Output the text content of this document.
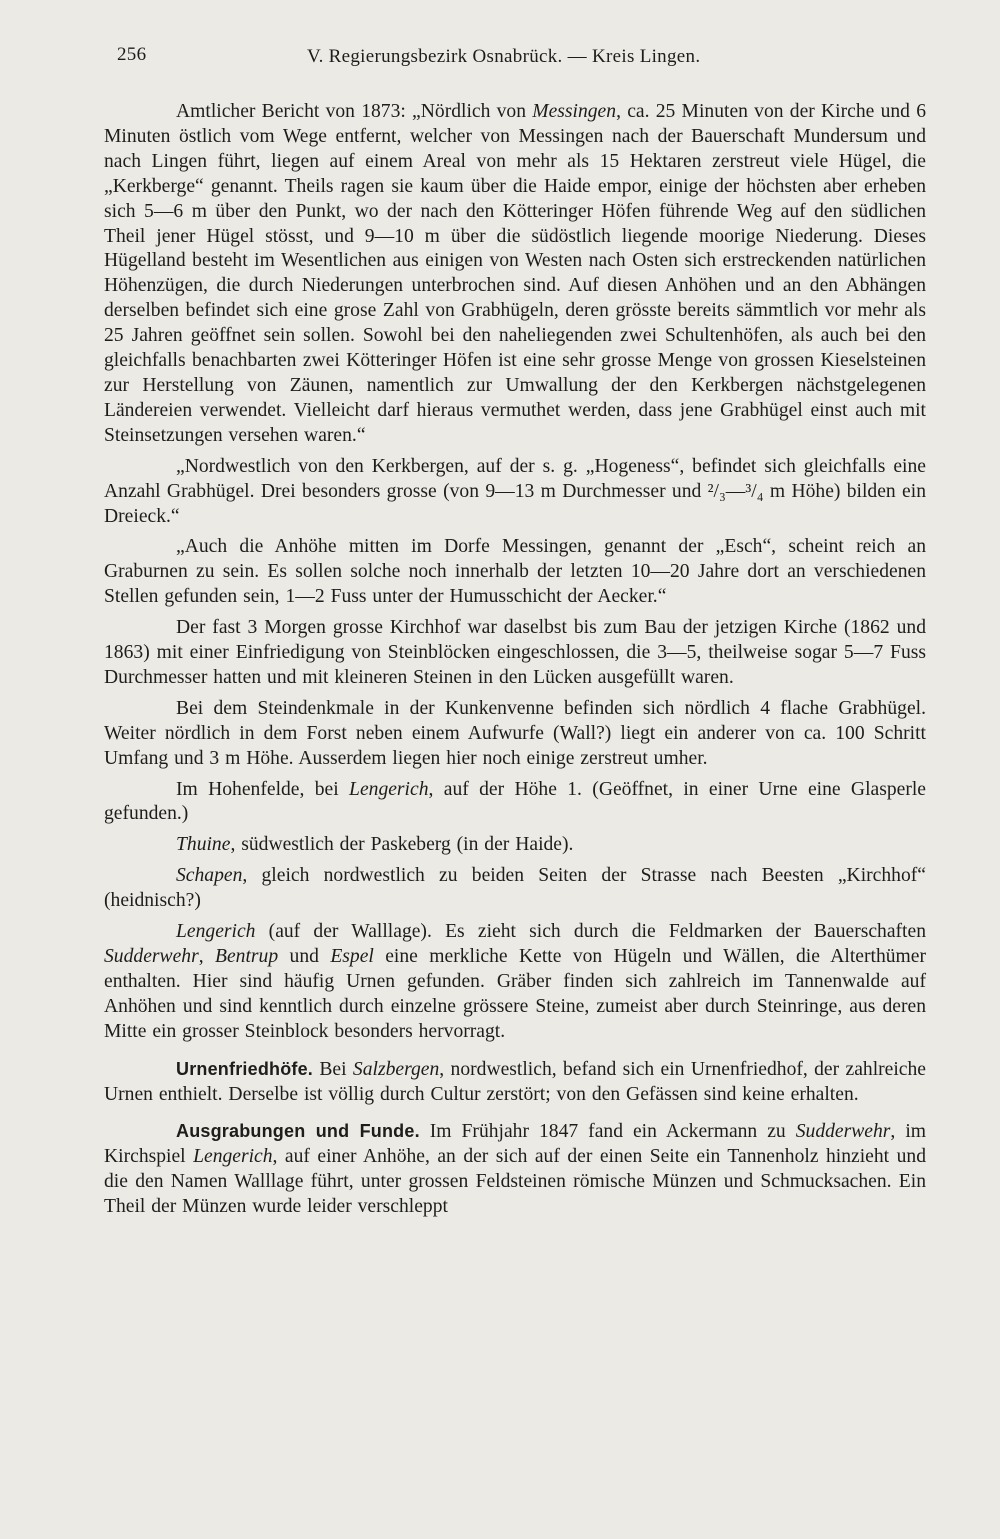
256	V. Regierungsbezirk Osnabrück. — Kreis Lingen.

Amtlicher Bericht von 1873: „Nördlich von Messingen, ca. 25 Minuten von der Kirche und 6 Minuten östlich vom Wege entfernt, welcher von Messingen nach der Bauerschaft Mundersum und nach Lingen führt, liegen auf einem Areal von mehr als 15 Hektaren zerstreut viele Hügel, die „Kerkberge“ genannt. Theils ragen sie kaum über die Haide empor, einige der höchsten aber erheben sich 5—6 m über den Punkt, wo der nach den Kötteringer Höfen führende Weg auf den südlichen Theil jener Hügel stösst, und 9—10 m über die südöstlich liegende moorige Niederung. Dieses Hügelland besteht im Wesentlichen aus einigen von Westen nach Osten sich erstreckenden natürlichen Höhenzügen, die durch Niederungen unterbrochen sind. Auf diesen Anhöhen und an den Abhängen derselben befindet sich eine grose Zahl von Grabhügeln, deren grösste bereits sämmtlich vor mehr als 25 Jahren geöffnet sein sollen. Sowohl bei den naheliegenden zwei Schultenhöfen, als auch bei den gleichfalls benachbarten zwei Kötteringer Höfen ist eine sehr grosse Menge von grossen Kieselsteinen zur Herstellung von Zäunen, namentlich zur Umwallung der den Kerkbergen nächstgelegenen Ländereien verwendet. Vielleicht darf hieraus vermuthet werden, dass jene Grabhügel einst auch mit Steinsetzungen versehen waren.“

„Nordwestlich von den Kerkbergen, auf der s. g. „Hogeness“, befindet sich gleichfalls eine Anzahl Grabhügel. Drei besonders grosse (von 9—13 m Durchmesser und ²/₃—³/₄ m Höhe) bilden ein Dreieck.“

„Auch die Anhöhe mitten im Dorfe Messingen, genannt der „Esch“, scheint reich an Graburnen zu sein. Es sollen solche noch innerhalb der letzten 10—20 Jahre dort an verschiedenen Stellen gefunden sein, 1—2 Fuss unter der Humusschicht der Aecker.“

Der fast 3 Morgen grosse Kirchhof war daselbst bis zum Bau der jetzigen Kirche (1862 und 1863) mit einer Einfriedigung von Steinblöcken eingeschlossen, die 3—5, theilweise sogar 5—7 Fuss Durchmesser hatten und mit kleineren Steinen in den Lücken ausgefüllt waren.

Bei dem Steindenkmale in der Kunkenvenne befinden sich nördlich 4 flache Grabhügel. Weiter nördlich in dem Forst neben einem Aufwurfe (Wall?) liegt ein anderer von ca. 100 Schritt Umfang und 3 m Höhe. Ausserdem liegen hier noch einige zerstreut umher.

Im Hohenfelde, bei Lengerich, auf der Höhe 1. (Geöffnet, in einer Urne eine Glasperle gefunden.)

Thuine, südwestlich der Paskeberg (in der Haide).

Schapen, gleich nordwestlich zu beiden Seiten der Strasse nach Beesten „Kirchhof“ (heidnisch?)

Lengerich (auf der Walllage). Es zieht sich durch die Feldmarken der Bauerschaften Sudderwehr, Bentrup und Espel eine merkliche Kette von Hügeln und Wällen, die Alterthümer enthalten. Hier sind häufig Urnen gefunden. Gräber finden sich zahlreich im Tannenwalde auf Anhöhen und sind kenntlich durch einzelne grössere Steine, zumeist aber durch Steinringe, aus deren Mitte ein grosser Steinblock besonders hervorragt.

Urnenfriedhöfe. Bei Salzbergen, nordwestlich, befand sich ein Urnenfriedhof, der zahlreiche Urnen enthielt. Derselbe ist völlig durch Cultur zerstört; von den Gefässen sind keine erhalten.

Ausgrabungen und Funde. Im Frühjahr 1847 fand ein Ackermann zu Sudderwehr, im Kirchspiel Lengerich, auf einer Anhöhe, an der sich auf der einen Seite ein Tannenholz hinzieht und die den Namen Walllage führt, unter grossen Feldsteinen römische Münzen und Schmucksachen. Ein Theil der Münzen wurde leider verschleppt
